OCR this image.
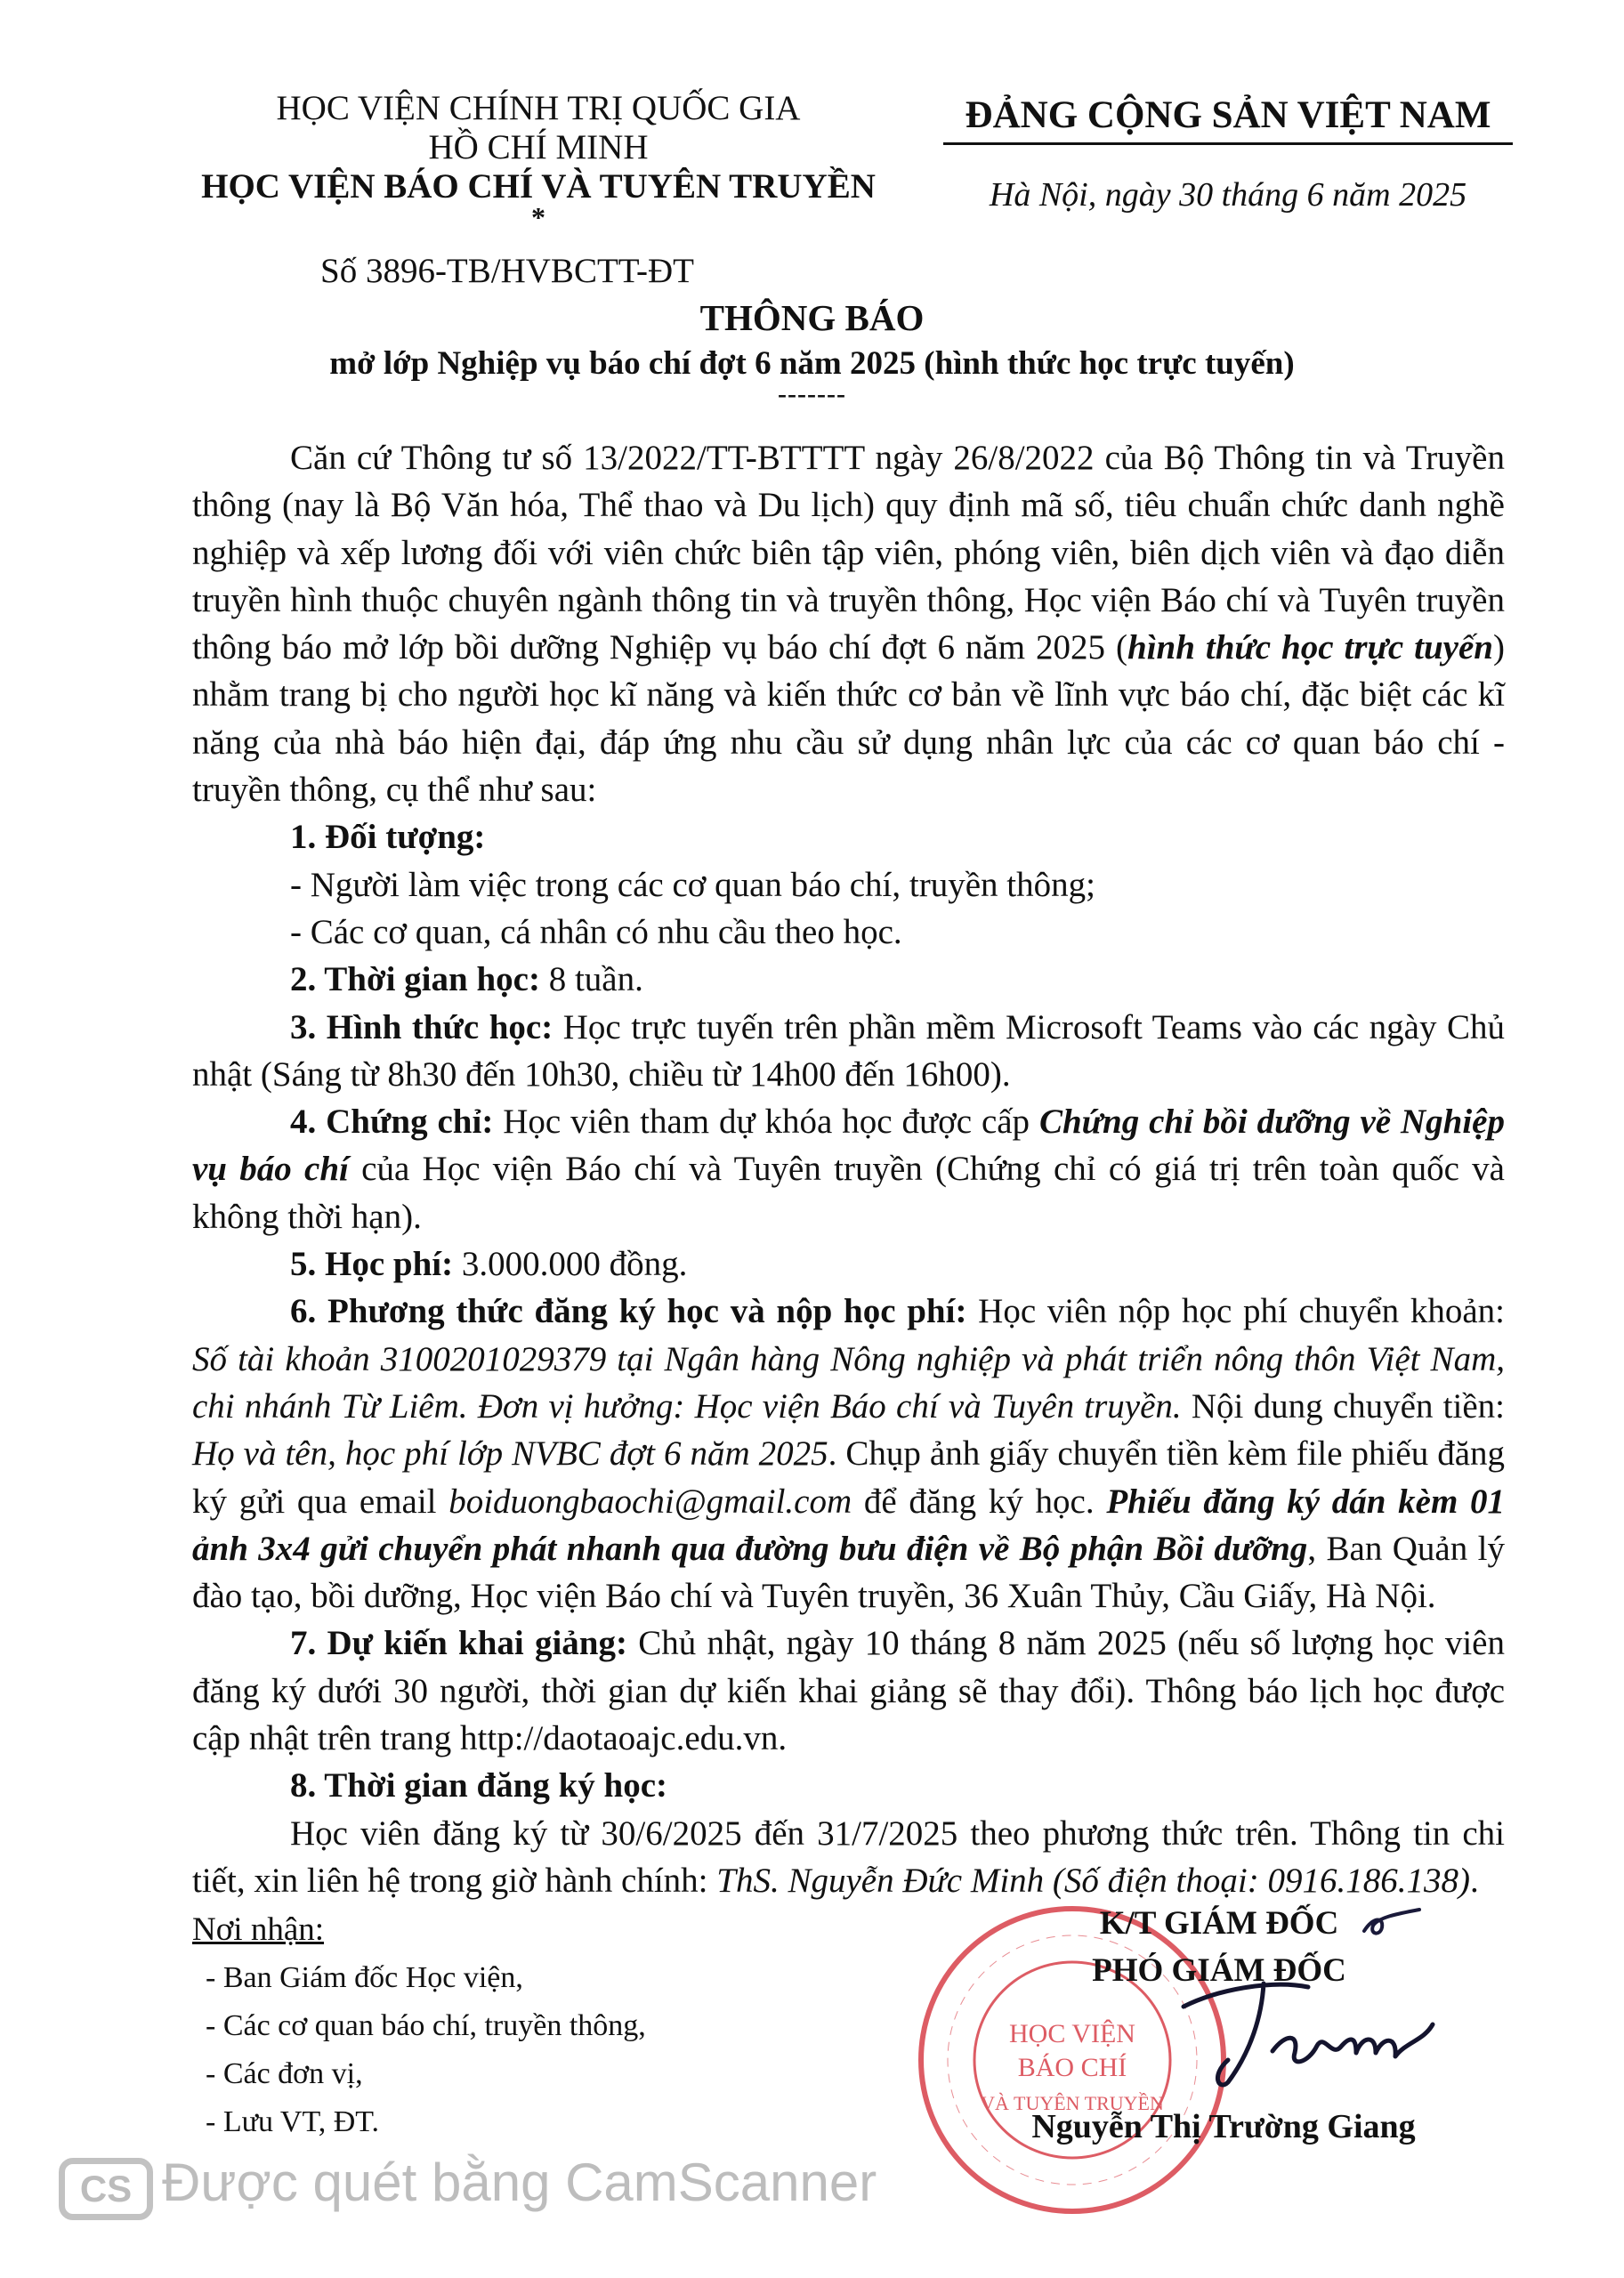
HỌC VIỆN CHÍNH TRỊ QUỐC GIA
HỒ CHÍ MINH
HỌC VIỆN BÁO CHÍ VÀ TUYÊN TRUYỀN
*
Số 3896-TB/HVBCTT-ĐT
ĐẢNG CỘNG SẢN VIỆT NAM
Hà Nội, ngày 30 tháng 6 năm 2025
THÔNG BÁO
mở lớp Nghiệp vụ báo chí đợt 6 năm 2025 (hình thức học trực tuyến)
-------

Căn cứ Thông tư số 13/2022/TT-BTTTT ngày 26/8/2022 của Bộ Thông tin và Truyền thông (nay là Bộ Văn hóa, Thể thao và Du lịch) quy định mã số, tiêu chuẩn chức danh nghề nghiệp và xếp lương đối với viên chức biên tập viên, phóng viên, biên dịch viên và đạo diễn truyền hình thuộc chuyên ngành thông tin và truyền thông, Học viện Báo chí và Tuyên truyền thông báo mở lớp bồi dưỡng Nghiệp vụ báo chí đợt 6 năm 2025 (hình thức học trực tuyến) nhằm trang bị cho người học kĩ năng và kiến thức cơ bản về lĩnh vực báo chí, đặc biệt các kĩ năng của nhà báo hiện đại, đáp ứng nhu cầu sử dụng nhân lực của các cơ quan báo chí - truyền thông, cụ thể như sau:

1. Đối tượng:

- Người làm việc trong các cơ quan báo chí, truyền thông;

- Các cơ quan, cá nhân có nhu cầu theo học.

2. Thời gian học: 8 tuần.

3. Hình thức học: Học trực tuyến trên phần mềm Microsoft Teams vào các ngày Chủ nhật (Sáng từ 8h30 đến 10h30, chiều từ 14h00 đến 16h00).

4. Chứng chỉ: Học viên tham dự khóa học được cấp Chứng chỉ bồi dưỡng về Nghiệp vụ báo chí của Học viện Báo chí và Tuyên truyền (Chứng chỉ có giá trị trên toàn quốc và không thời hạn).

5. Học phí: 3.000.000 đồng.

6. Phương thức đăng ký học và nộp học phí: Học viên nộp học phí chuyển khoản: Số tài khoản 3100201029379 tại Ngân hàng Nông nghiệp và phát triển nông thôn Việt Nam, chi nhánh Từ Liêm. Đơn vị hưởng: Học viện Báo chí và Tuyên truyền. Nội dung chuyển tiền: Họ và tên, học phí lớp NVBC đợt 6 năm 2025. Chụp ảnh giấy chuyển tiền kèm file phiếu đăng ký gửi qua email boiduongbaochi@gmail.com để đăng ký học. Phiếu đăng ký dán kèm 01 ảnh 3x4 gửi chuyển phát nhanh qua đường bưu điện về Bộ phận Bồi dưỡng, Ban Quản lý đào tạo, bồi dưỡng, Học viện Báo chí và Tuyên truyền, 36 Xuân Thủy, Cầu Giấy, Hà Nội.

7. Dự kiến khai giảng: Chủ nhật, ngày 10 tháng 8 năm 2025 (nếu số lượng học viên đăng ký dưới 30 người, thời gian dự kiến khai giảng sẽ thay đổi). Thông báo lịch học được cập nhật trên trang http://daotaoajc.edu.vn.

8. Thời gian đăng ký học:

Học viên đăng ký từ 30/6/2025 đến 31/7/2025 theo phương thức trên. Thông tin chi tiết, xin liên hệ trong giờ hành chính: ThS. Nguyễn Đức Minh (Số điện thoại: 0916.186.138).

Nơi nhận:
- Ban Giám đốc Học viện,
- Các cơ quan báo chí, truyền thông,
- Các đơn vị,
- Lưu VT, ĐT.
HỌC VIỆN
BÁO CHÍ
VÀ TUYÊN TRUYỀN
K/T GIÁM ĐỐC
PHÓ GIÁM ĐỐC
Nguyễn Thị Trường Giang
CS Được quét bằng CamScanner
